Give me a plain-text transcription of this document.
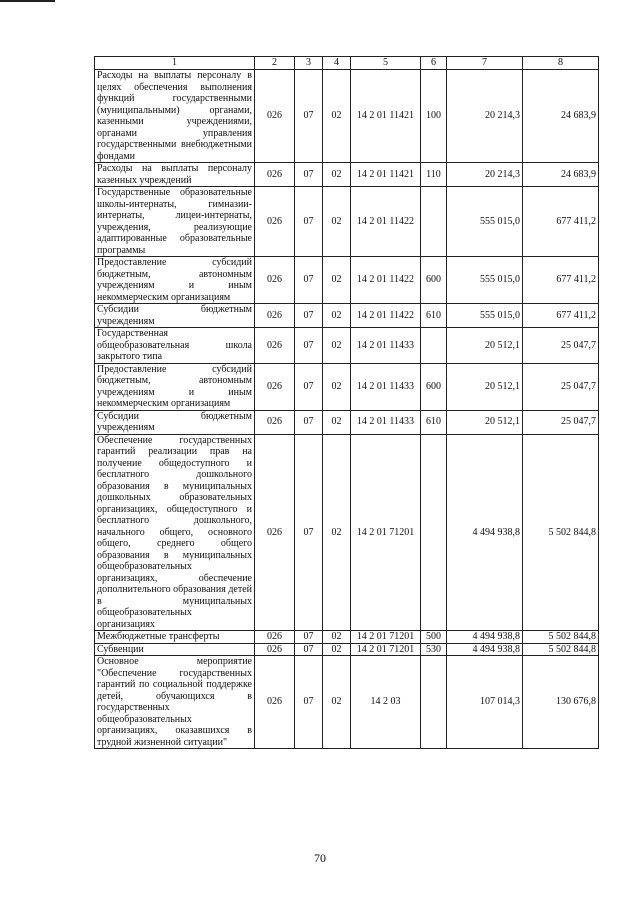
1	2	3	4	5	6	7	8
Расходы на выплаты персоналу в целях обеспечения выполнения функций государственными (муниципальными) органами, казенными учреждениями, органами управления государственными внебюджетными фондами	026	07	02	14 2 01 11421	100	20 214,3	24 683,9
Расходы на выплаты персоналу казенных учреждений	026	07	02	14 2 01 11421	110	20 214,3	24 683,9
Государственные образовательные школы-интернаты, гимназии-интернаты, лицеи-интернаты, учреждения, реализующие адаптированные образовательные программы	026	07	02	14 2 01 11422		555 015,0	677 411,2
Предоставление субсидий бюджетным, автономным учреждениям и иным некоммерческим организациям	026	07	02	14 2 01 11422	600	555 015,0	677 411,2
Субсидии бюджетным учреждениям	026	07	02	14 2 01 11422	610	555 015,0	677 411,2
Государственная общеобразовательная школа закрытого типа	026	07	02	14 2 01 11433		20 512,1	25 047,7
Предоставление субсидий бюджетным, автономным учреждениям и иным некоммерческим организациям	026	07	02	14 2 01 11433	600	20 512,1	25 047,7
Субсидии бюджетным учреждениям	026	07	02	14 2 01 11433	610	20 512,1	25 047,7
Обеспечение государственных гарантий реализации прав на получение общедоступного и бесплатного дошкольного образования в муниципальных дошкольных образовательных организациях, общедоступного и бесплатного дошкольного, начального общего, основного общего, среднего общего образования в муниципальных общеобразовательных организациях, обеспечение дополнительного образования детей в муниципальных общеобразовательных организациях	026	07	02	14 2 01 71201		4 494 938,8	5 502 844,8
Межбюджетные трансферты	026	07	02	14 2 01 71201	500	4 494 938,8	5 502 844,8
Субвенции	026	07	02	14 2 01 71201	530	4 494 938,8	5 502 844,8
Основное мероприятие "Обеспечение государственных гарантий по социальной поддержке детей, обучающихся в государственных общеобразовательных организациях, оказавшихся в трудной жизненной ситуации"	026	07	02	14 2 03		107 014,3	130 676,8
70
